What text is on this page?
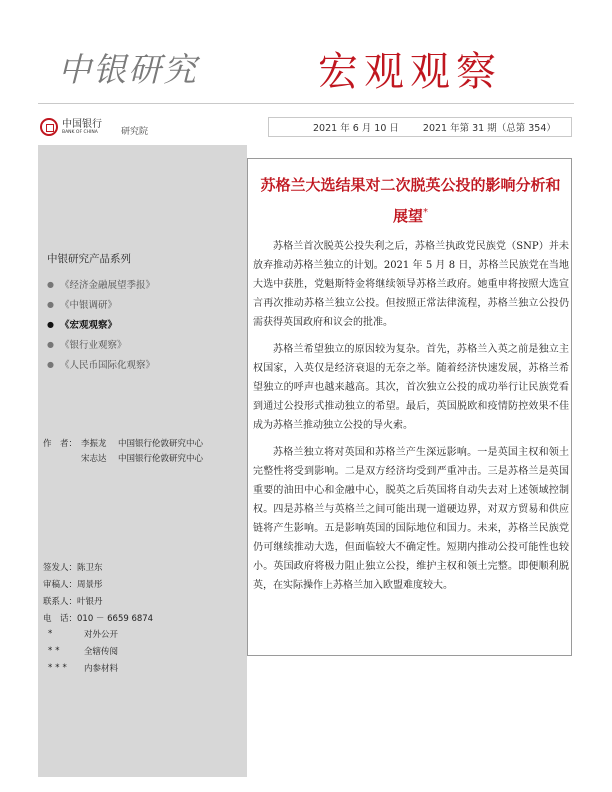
中银研究	宏观观察
中国银行
BANK OF CHINA	研究院	2021 年 6 月 10 日	2021 年第 31 期（总第 354）
中银研究产品系列
● 《经济金融展望季报》
● 《中银调研》
● 《宏观观察》
● 《银行业观察》
● 《人民币国际化观察》
作　者： 李振龙	中国银行伦敦研究中心
宋志达	中国银行伦敦研究中心
签发人：陈卫东
审稿人：周景彤
联系人：叶银丹
电　话：010 － 6659 6874
*	对外公开
**	全辖传阅
***	内参材料
苏格兰大选结果对二次脱英公投的影响分析和展望*

苏格兰首次脱英公投失利之后，苏格兰执政党民族党（SNP）并未放弃推动苏格兰独立的计划。2021 年 5 月 8 日，苏格兰民族党在当地大选中获胜，党魁斯特金将继续领导苏格兰政府。她重申将按照大选宣言再次推动苏格兰独立公投。但按照正常法律流程，苏格兰独立公投仍需获得英国政府和议会的批准。

苏格兰希望独立的原因较为复杂。首先，苏格兰入英之前是独立主权国家，入英仅是经济衰退的无奈之举。随着经济快速发展，苏格兰希望独立的呼声也越来越高。其次，首次独立公投的成功举行让民族党看到通过公投形式推动独立的希望。最后，英国脱欧和疫情防控效果不佳成为苏格兰推动独立公投的导火索。

苏格兰独立将对英国和苏格兰产生深远影响。一是英国主权和领土完整性将受到影响。二是双方经济均受到严重冲击。三是苏格兰是英国重要的油田中心和金融中心，脱英之后英国将自动失去对上述领域控制权。四是苏格兰与英格兰之间可能出现一道硬边界，对双方贸易和供应链将产生影响。五是影响英国的国际地位和国力。未来，苏格兰民族党仍可继续推动大选，但面临较大不确定性。短期内推动公投可能性也较小。英国政府将极力阻止独立公投，维护主权和领土完整。即便顺利脱英，在实际操作上苏格兰加入欧盟难度较大。
